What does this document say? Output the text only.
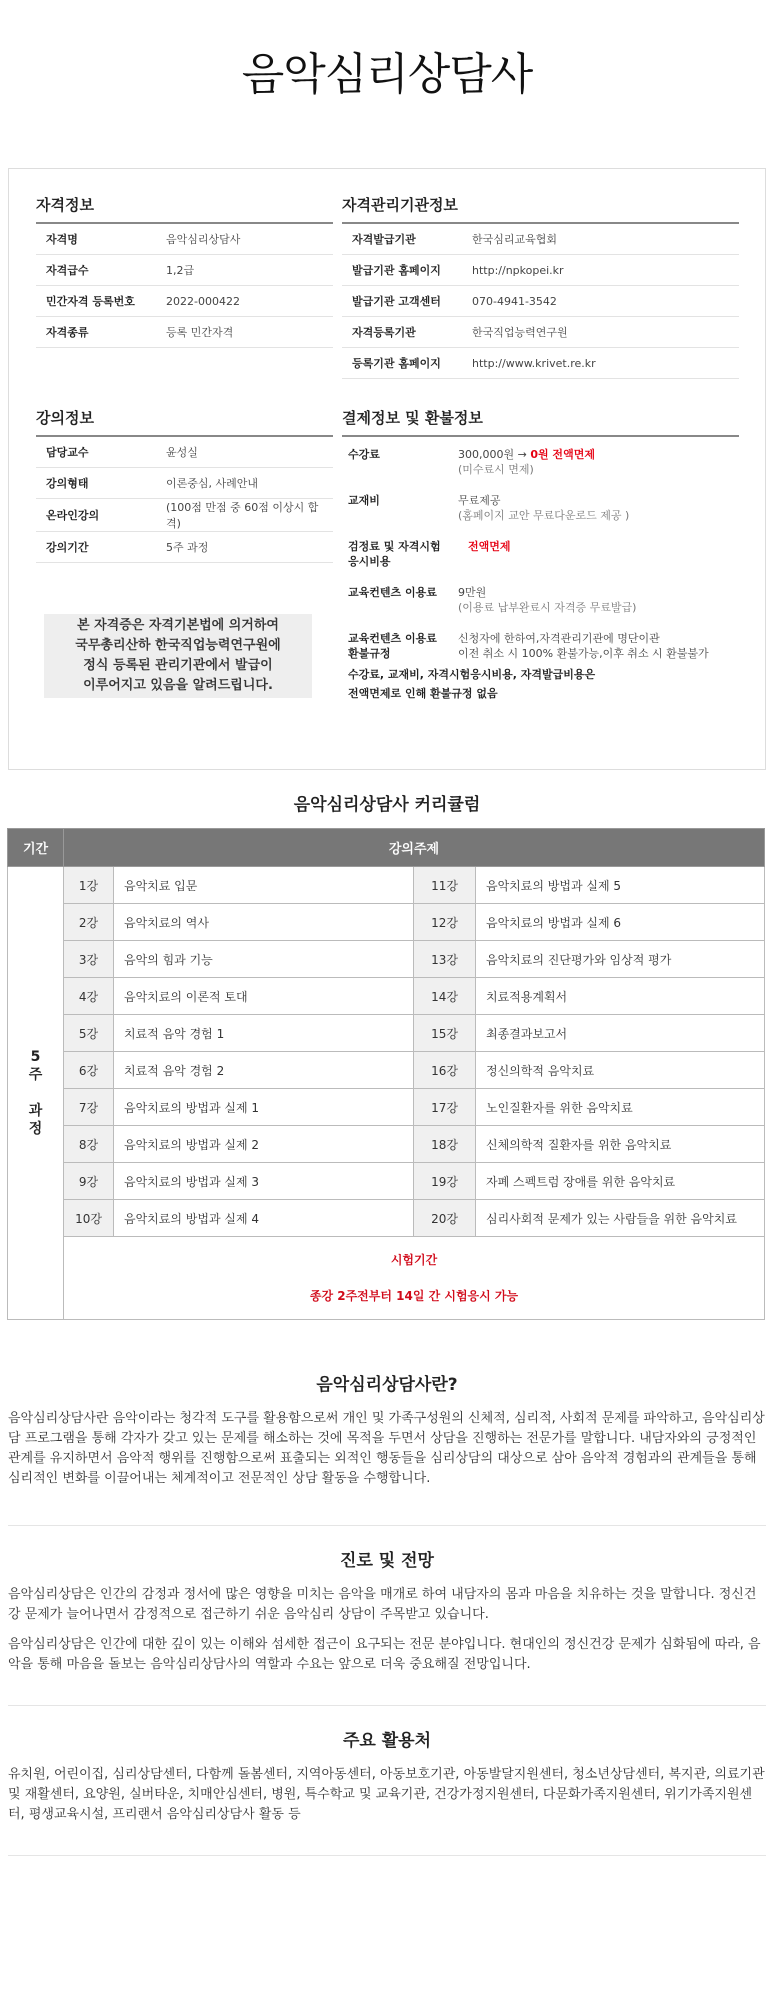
음악심리상담사
자격정보
자격명	음악심리상담사
자격급수	1,2급
민간자격 등록번호	2022-000422
자격종류	등록 민간자격
자격관리기관정보
자격발급기관	한국심리교육협회
발급기관 홈페이지	http://npkopei.kr
발급기관 고객센터	070-4941-3542
자격등록기관	한국직업능력연구원
등록기관 홈페이지	http://www.krivet.re.kr
강의정보
담당교수	윤성실
강의형태	이론중심, 사례안내
온라인강의	(100점 만점 중 60점 이상시 합격)
강의기간	5주 과정
본 자격증은 자격기본법에 의거하여
국무총리산하 한국직업능력연구원에
정식 등록된 관리기관에서 발급이
이루어지고 있음을 알려드립니다.
결제정보 및 환불정보
수강료	300,000원 → 0원 전액면제
(미수료시 면제)
교재비	무료제공
(홈페이지 교안 무료다운로드 제공 )
검정료 및 자격시험
응시비용	전액면제
교육컨텐츠 이용료	9만원
(이용료 납부완료시 자격증 무료발급)
교육컨텐츠 이용료
환불규정	신청자에 한하여,자격관리기관에 명단이관
이전 취소 시 100% 환불가능,이후 취소 시 환불불가
수강료, 교재비, 자격시험응시비용, 자격발급비용은
전액면제로 인해 환불규정 없음
음악심리상담사 커리큘럼
기간	강의주제			

5
주

과
정	1강	음악치료 입문	11강	음악치료의 방법과 실제 5
	2강	음악치료의 역사	12강	음악치료의 방법과 실제 6
	3강	음악의 힘과 기능	13강	음악치료의 진단평가와 임상적 평가
	4강	음악치료의 이론적 토대	14강	치료적용계획서
	5강	치료적 음악 경험 1	15강	최종결과보고서
	6강	치료적 음악 경험 2	16강	정신의학적 음악치료
	7강	음악치료의 방법과 실제 1	17강	노인질환자를 위한 음악치료
	8강	음악치료의 방법과 실제 2	18강	신체의학적 질환자를 위한 음악치료
	9강	음악치료의 방법과 실제 3	19강	자폐 스펙트럼 장애를 위한 음악치료
	10강	음악치료의 방법과 실제 4	20강	심리사회적 문제가 있는 사람들을 위한 음악치료

	시험기간
종강 2주전부터 14일 간 시험응시 가능			
음악심리상담사란?

음악심리상담사란 음악이라는 청각적 도구를 활용함으로써 개인 및 가족구성원의 신체적, 심리적, 사회적 문제를 파악하고, 음악심리상담 프로그램을 통해 각자가 갖고 있는 문제를 해소하는 것에 목적을 두면서 상담을 진행하는 전문가를 말합니다. 내담자와의 긍정적인 관계를 유지하면서 음악적 행위를 진행함으로써 표출되는 외적인 행동들을 심리상담의 대상으로 삼아 음악적 경험과의 관계들을 통해 심리적인 변화를 이끌어내는 체계적이고 전문적인 상담 활동을 수행합니다.

진로 및 전망

음악심리상담은 인간의 감정과 정서에 많은 영향을 미치는 음악을 매개로 하여 내담자의 몸과 마음을 치유하는 것을 말합니다. 정신건강 문제가 늘어나면서 감정적으로 접근하기 쉬운 음악심리 상담이 주목받고 있습니다.

음악심리상담은 인간에 대한 깊이 있는 이해와 섬세한 접근이 요구되는 전문 분야입니다. 현대인의 정신건강 문제가 심화됨에 따라, 음악을 통해 마음을 돌보는 음악심리상담사의 역할과 수요는 앞으로 더욱 중요해질 전망입니다.

주요 활용처

유치원, 어린이집, 심리상담센터, 다함께 돌봄센터, 지역아동센터, 아동보호기관, 아동발달지원센터, 청소년상담센터, 복지관, 의료기관 및 재활센터, 요양원, 실버타운, 치매안심센터, 병원, 특수학교 및 교육기관, 건강가정지원센터, 다문화가족지원센터, 위기가족지원센터, 평생교육시설, 프리랜서 음악심리상담사 활동 등
